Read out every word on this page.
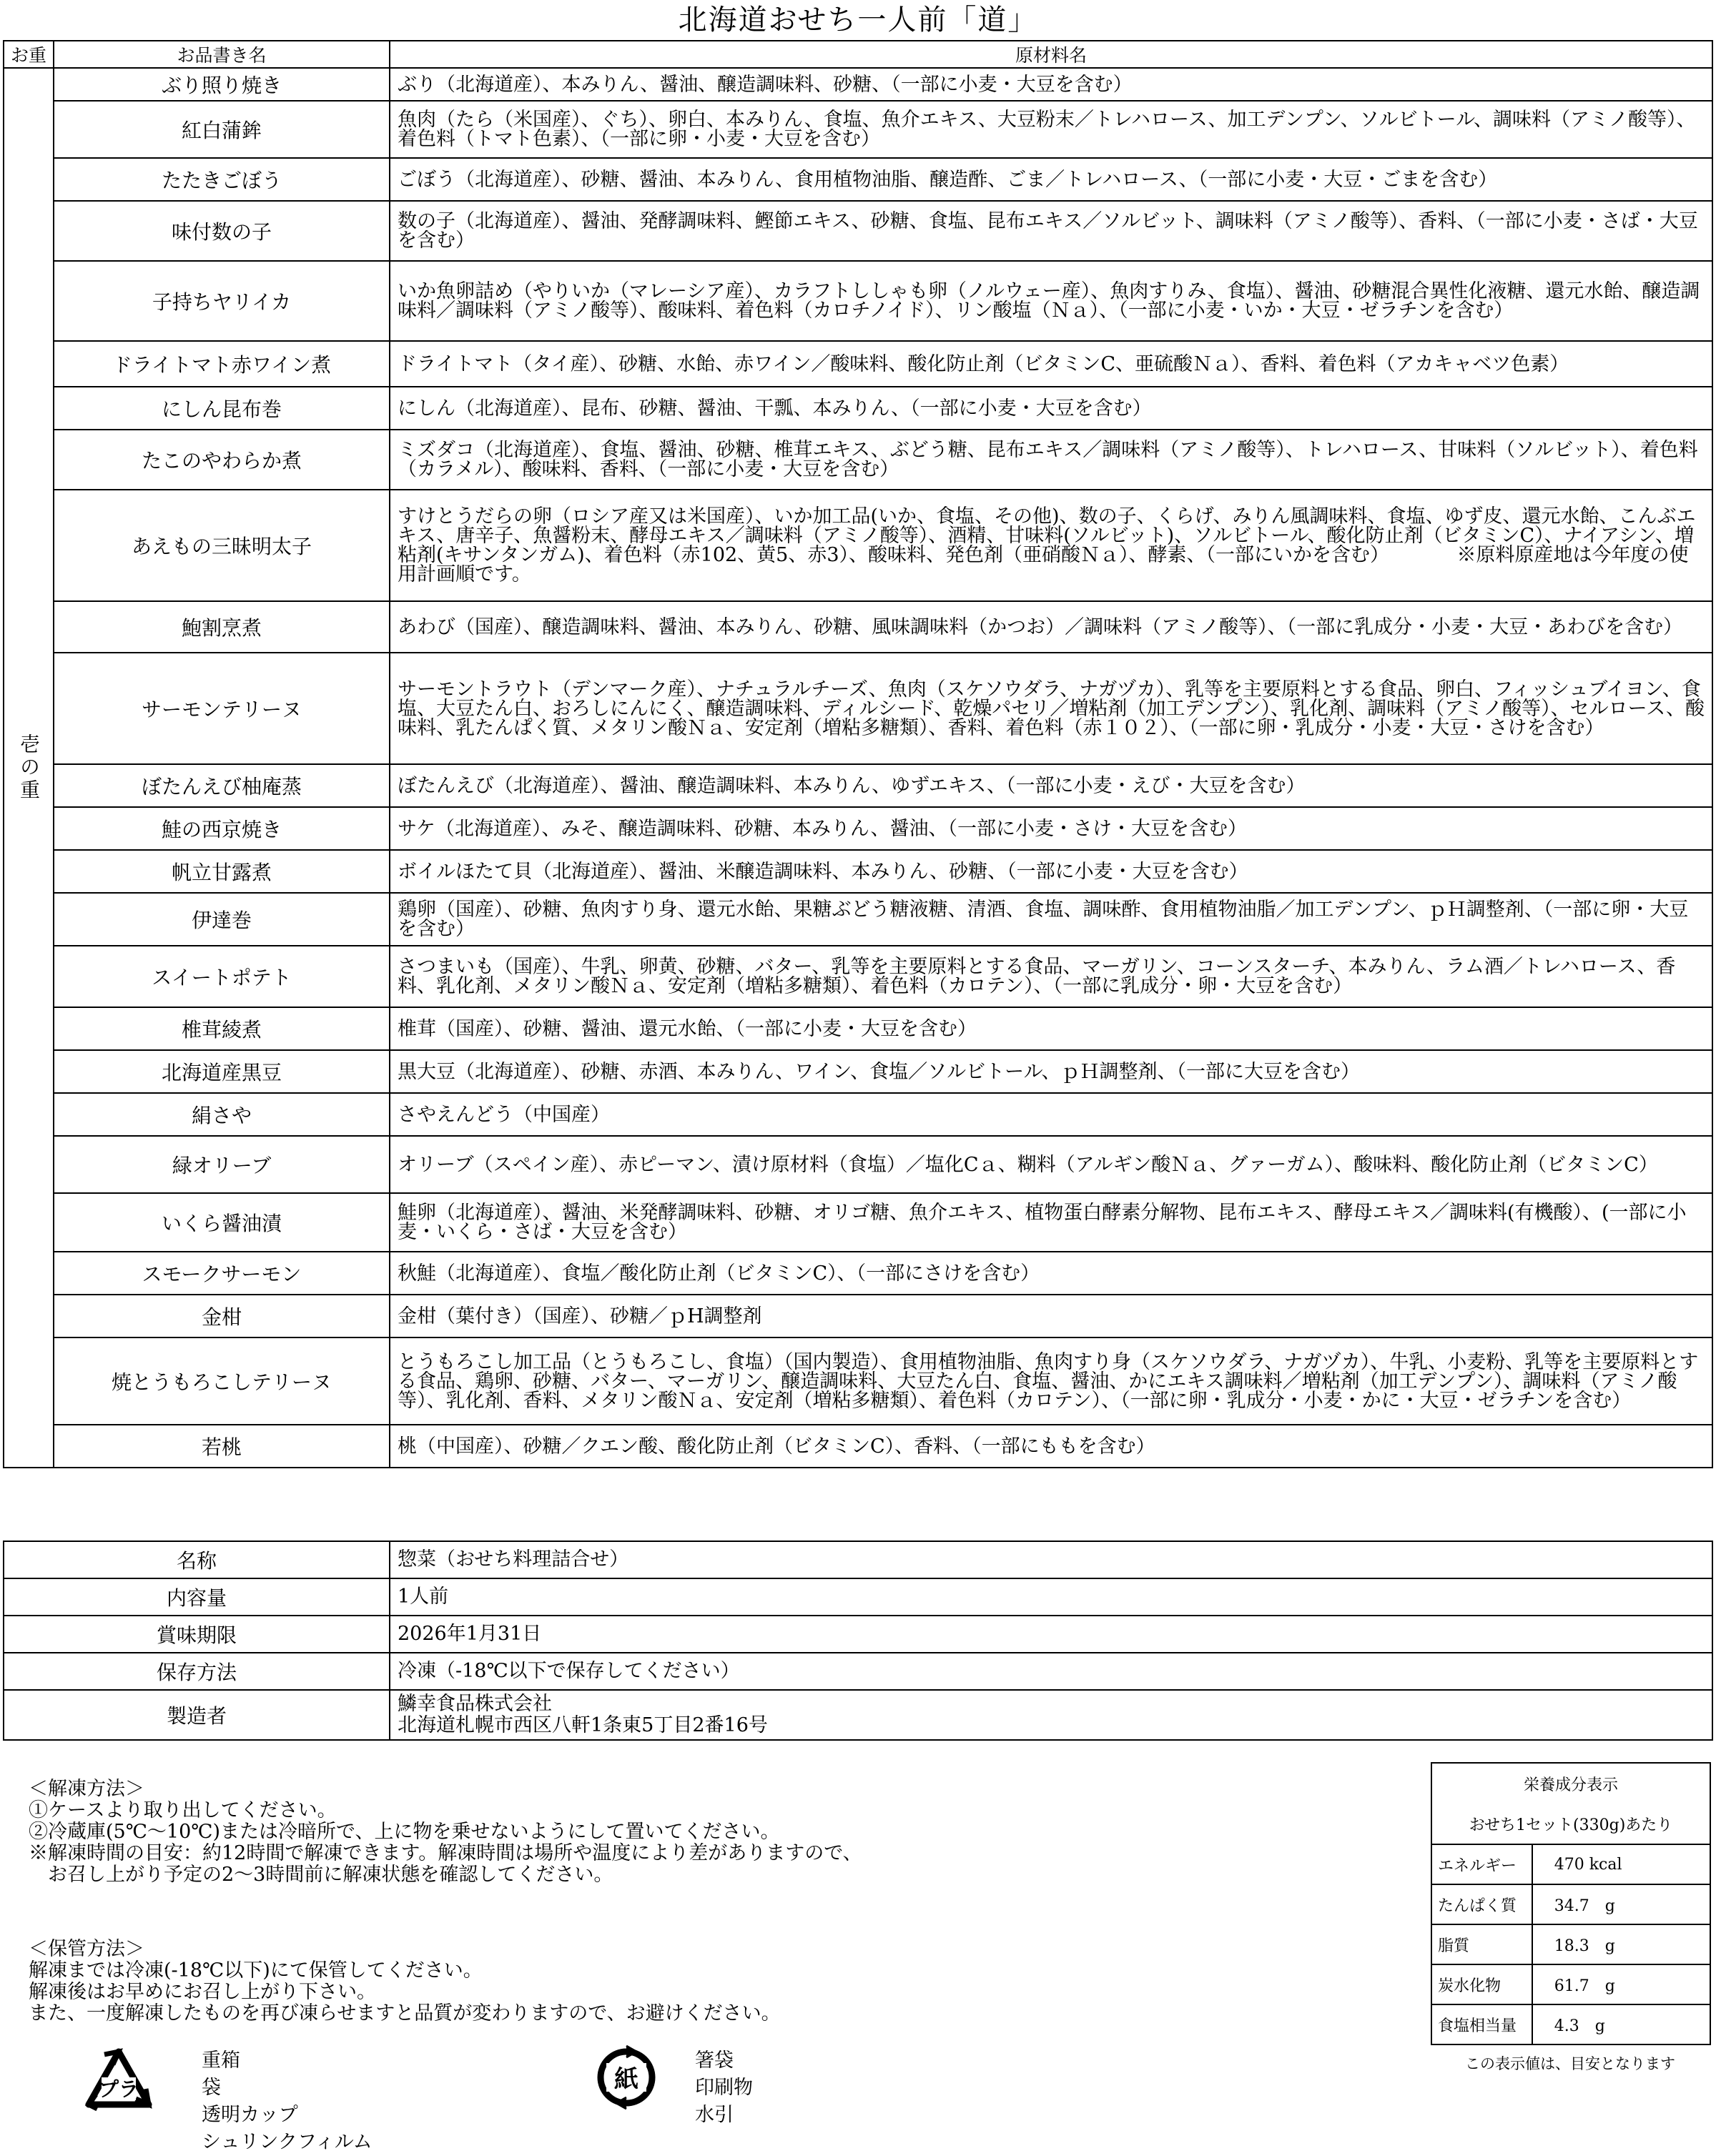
北海道おせち一人前「道」
お重	お品書き名	原材料名
壱の重	ぶり照り焼き	ぶり（北海道産）、本みりん、醤油、醸造調味料、砂糖、（一部に小麦・大豆を含む）
	紅白蒲鉾	魚肉（たら（米国産）、ぐち）、卵白、本みりん、食塩、魚介エキス、大豆粉末／トレハロース、加工デンプン、ソルビトール、調味料（アミノ酸等）、着色料（トマト色素）、（一部に卵・小麦・大豆を含む）
	たたきごぼう	ごぼう（北海道産）、砂糖、醤油、本みりん、食用植物油脂、醸造酢、ごま／トレハロース、（一部に小麦・大豆・ごまを含む）
	味付数の子	数の子（北海道産）、醤油、発酵調味料、鰹節エキス、砂糖、食塩、昆布エキス／ソルビット、調味料（アミノ酸等）、香料、（一部に小麦・さば・大豆を含む）
	子持ちヤリイカ	いか魚卵詰め（やりいか（マレーシア産）、カラフトししゃも卵（ノルウェー産）、魚肉すりみ、食塩）、醤油、砂糖混合異性化液糖、還元水飴、醸造調味料／調味料（アミノ酸等）、酸味料、着色料（カロチノイド）、リン酸塩（Ｎａ）、（一部に小麦・いか・大豆・ゼラチンを含む）
	ドライトマト赤ワイン煮	ドライトマト（タイ産）、砂糖、水飴、赤ワイン／酸味料、酸化防止剤（ビタミンC、亜硫酸Ｎａ）、香料、着色料（アカキャベツ色素）
	にしん昆布巻	にしん（北海道産）、昆布、砂糖、醤油、干瓢、本みりん、（一部に小麦・大豆を含む）
	たこのやわらか煮	ミズダコ（北海道産）、食塩、醤油、砂糖、椎茸エキス、ぶどう糖、昆布エキス／調味料（アミノ酸等）、トレハロース、甘味料（ソルビット）、着色料（カラメル）、酸味料、香料、（一部に小麦・大豆を含む）
	あえもの三昧明太子	すけとうだらの卵（ロシア産又は米国産）、いか加工品(いか、食塩、その他)、数の子、くらげ、みりん風調味料、食塩、ゆず皮、還元水飴、こんぶエキス、唐辛子、魚醤粉末、酵母エキス／調味料（アミノ酸等）、酒精、甘味料(ソルビット)、ソルビトール、酸化防止剤（ビタミンC）、ナイアシン、増粘剤(キサンタンガム)、着色料（赤102、黄5、赤3）、酸味料、発色剤（亜硝酸Ｎａ）、酵素、（一部にいかを含む）　　　　※原料原産地は今年度の使用計画順です。
	鮑割烹煮	あわび（国産）、醸造調味料、醤油、本みりん、砂糖、風味調味料（かつお）／調味料（アミノ酸等）、（一部に乳成分・小麦・大豆・あわびを含む）
	サーモンテリーヌ	サーモントラウト（デンマーク産）、ナチュラルチーズ、魚肉（スケソウダラ、ナガヅカ）、乳等を主要原料とする食品、卵白、フィッシュブイヨン、食塩、大豆たん白、おろしにんにく、醸造調味料、ディルシード、乾燥パセリ／増粘剤（加工デンプン）、乳化剤、調味料（アミノ酸等）、セルロース、酸味料、乳たんぱく質、メタリン酸Ｎａ、安定剤（増粘多糖類）、香料、着色料（赤１０２）、（一部に卵・乳成分・小麦・大豆・さけを含む）
	ぼたんえび柚庵蒸	ぼたんえび（北海道産）、醤油、醸造調味料、本みりん、ゆずエキス、（一部に小麦・えび・大豆を含む）
	鮭の西京焼き	サケ（北海道産）、みそ、醸造調味料、砂糖、本みりん、醤油、（一部に小麦・さけ・大豆を含む）
	帆立甘露煮	ボイルほたて貝（北海道産）、醤油、米醸造調味料、本みりん、砂糖、（一部に小麦・大豆を含む）
	伊達巻	鶏卵（国産）、砂糖、魚肉すり身、還元水飴、果糖ぶどう糖液糖、清酒、食塩、調味酢、食用植物油脂／加工デンプン、ｐＨ調整剤、（一部に卵・大豆を含む）
	スイートポテト	さつまいも（国産）、牛乳、卵黄、砂糖、バター、乳等を主要原料とする食品、マーガリン、コーンスターチ、本みりん、ラム酒／トレハロース、香料、乳化剤、メタリン酸Ｎａ、安定剤（増粘多糖類）、着色料（カロテン）、（一部に乳成分・卵・大豆を含む）
	椎茸綾煮	椎茸（国産）、砂糖、醤油、還元水飴、（一部に小麦・大豆を含む）
	北海道産黒豆	黒大豆（北海道産）、砂糖、赤酒、本みりん、ワイン、食塩／ソルビトール、ｐＨ調整剤、（一部に大豆を含む）
	絹さや	さやえんどう（中国産）
	緑オリーブ	オリーブ（スペイン産）、赤ピーマン、漬け原材料（食塩）／塩化Cａ、糊料（アルギン酸Ｎａ、グァーガム）、酸味料、酸化防止剤（ビタミンC）
	いくら醤油漬	鮭卵（北海道産）、醤油、米発酵調味料、砂糖、オリゴ糖、魚介エキス、植物蛋白酵素分解物、昆布エキス、酵母エキス／調味料(有機酸）、(一部に小麦・いくら・さば・大豆を含む）
	スモークサーモン	秋鮭（北海道産）、食塩／酸化防止剤（ビタミンC）、（一部にさけを含む）
	金柑	金柑（葉付き）（国産）、砂糖／ｐH調整剤
	焼とうもろこしテリーヌ	とうもろこし加工品（とうもろこし、食塩）（国内製造）、食用植物油脂、魚肉すり身（スケソウダラ、ナガヅカ）、牛乳、小麦粉、乳等を主要原料とする食品、鶏卵、砂糖、バター、マーガリン、醸造調味料、大豆たん白、食塩、醤油、かにエキス調味料／増粘剤（加工デンプン）、調味料（アミノ酸等）、乳化剤、香料、メタリン酸Ｎａ、安定剤（増粘多糖類）、着色料（カロテン）、（一部に卵・乳成分・小麦・かに・大豆・ゼラチンを含む）
	若桃	桃（中国産）、砂糖／クエン酸、酸化防止剤（ビタミンC）、香料、（一部にももを含む）
名称	惣菜（おせち料理詰合せ）

内容量	1人前

賞味期限	2026年1月31日

保存方法	冷凍（-18℃以下で保存してください）

製造者	鱗幸食品株式会社
北海道札幌市西区八軒1条東5丁目2番16号
＜解凍方法＞
①ケースより取り出してください。
②冷蔵庫(5℃～10℃)または冷暗所で、上に物を乗せないようにして置いてください。
※解凍時間の目安：約12時間で解凍できます。解凍時間は場所や温度により差がありますので、
　お召し上がり予定の2～3時間前に解凍状態を確認してください。
＜保管方法＞
解凍までは冷凍(-18℃以下)にて保管してください。
解凍後はお早めにお召し上がり下さい。
また、一度解凍したものを再び凍らせますと品質が変わりますので、お避けください。
プラ
重箱
袋
透明カップ
シュリンクフィルム
紙
箸袋
印刷物
水引
栄養成分表示	
おせち1セット(330g)あたり	
エネルギー	470 kcal
たんぱく質	34.7　g
脂質	18.3　g
炭水化物	61.7　g
食塩相当量	4.3　g
この表示値は、目安となります
